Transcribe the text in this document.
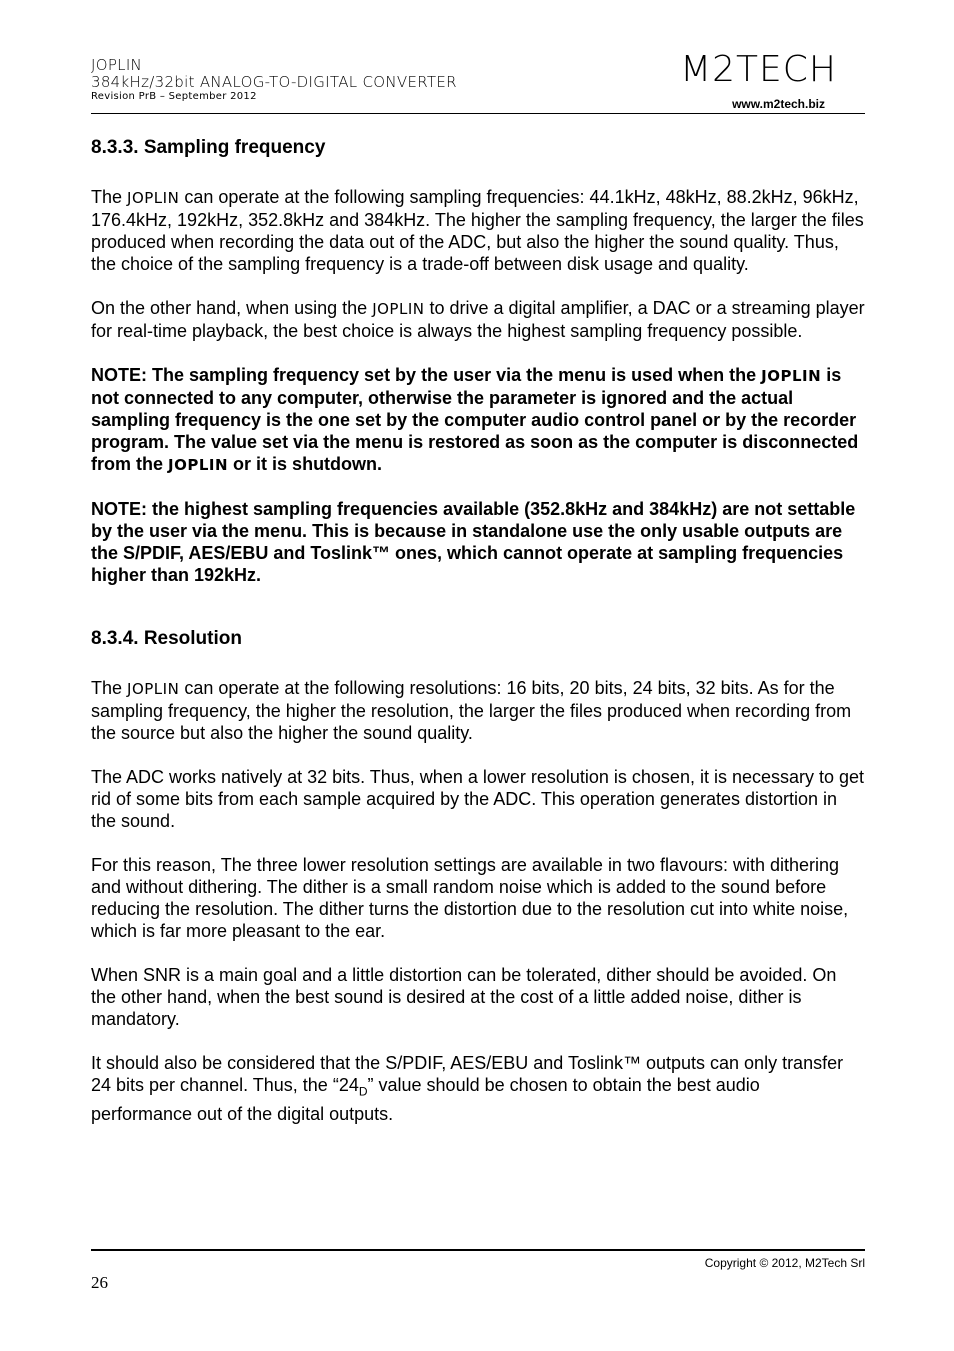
JOPLIN
384kHz/32bit ANALOG-TO-DIGITAL CONVERTER
Revision PrB – September 2012
M2TECH
www.m2tech.biz
8.3.3. Sampling frequency

The JOPLIN can operate at the following sampling frequencies: 44.1kHz, 48kHz, 88.2kHz, 96kHz, 176.4kHz, 192kHz, 352.8kHz and 384kHz. The higher the sampling frequency, the larger the files produced when recording the data out of the ADC, but also the higher the sound quality. Thus, the choice of the sampling frequency is a trade-off between disk usage and quality.

On the other hand, when using the JOPLIN to drive a digital amplifier, a DAC or a streaming player for real-time playback, the best choice is always the highest sampling frequency possible.

NOTE: The sampling frequency set by the user via the menu is used when the JOPLIN is not connected to any computer, otherwise the parameter is ignored and the actual sampling frequency is the one set by the computer audio control panel or by the recorder program. The value set via the menu is restored as soon as the computer is disconnected from the JOPLIN or it is shutdown.

NOTE: the highest sampling frequencies available (352.8kHz and 384kHz) are not settable by the user via the menu. This is because in standalone use the only usable outputs are the S/PDIF, AES/EBU and Toslink™ ones, which cannot operate at sampling frequencies higher than 192kHz.

8.3.4. Resolution

The JOPLIN can operate at the following resolutions: 16 bits, 20 bits, 24 bits, 32 bits. As for the sampling frequency, the higher the resolution, the larger the files produced when recording from the source but also the higher the sound quality.

The ADC works natively at 32 bits. Thus, when a lower resolution is chosen, it is necessary to get rid of some bits from each sample acquired by the ADC. This operation generates distortion in the sound.

For this reason, The three lower resolution settings are available in two flavours: with dithering and without dithering. The dither is a small random noise which is added to the sound before reducing the resolution. The dither turns the distortion due to the resolution cut into white noise, which is far more pleasant to the ear.

When SNR is a main goal and a little distortion can be tolerated, dither should be avoided. On the other hand, when the best sound is desired at the cost of a little added noise, dither is mandatory.

It should also be considered that the S/PDIF, AES/EBU and Toslink™ outputs can only transfer 24 bits per channel. Thus, the “$24_D$” value should be chosen to obtain the best audio performance out of the digital outputs.

Copyright © 2012, M2Tech Srl
26
